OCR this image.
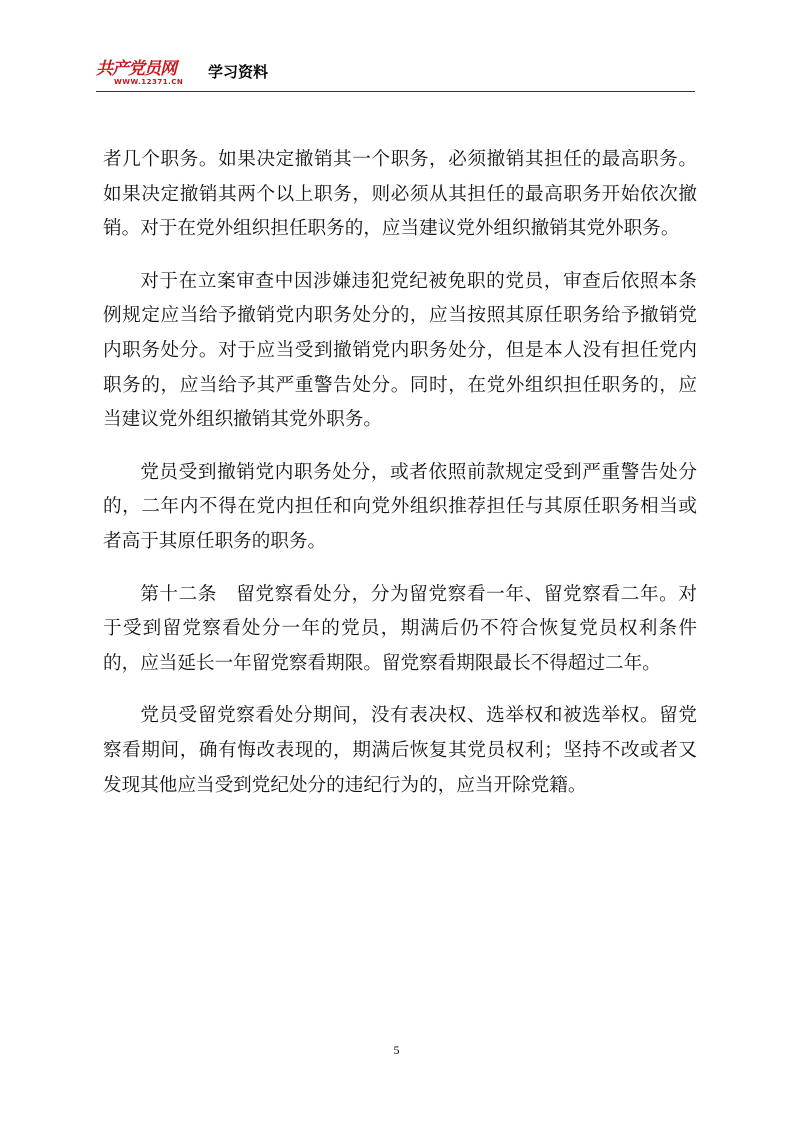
共产党员网
WWW.12371.CN
学习资料

者几个职务。如果决定撤销其一个职务，必须撤销其担任的最高职务。如果决定撤销其两个以上职务，则必须从其担任的最高职务开始依次撤销。对于在党外组织担任职务的，应当建议党外组织撤销其党外职务。

对于在立案审查中因涉嫌违犯党纪被免职的党员，审查后依照本条例规定应当给予撤销党内职务处分的，应当按照其原任职务给予撤销党内职务处分。对于应当受到撤销党内职务处分，但是本人没有担任党内职务的，应当给予其严重警告处分。同时，在党外组织担任职务的，应当建议党外组织撤销其党外职务。

党员受到撤销党内职务处分，或者依照前款规定受到严重警告处分的，二年内不得在党内担任和向党外组织推荐担任与其原任职务相当或者高于其原任职务的职务。

第十二条　留党察看处分，分为留党察看一年、留党察看二年。对于受到留党察看处分一年的党员，期满后仍不符合恢复党员权利条件的，应当延长一年留党察看期限。留党察看期限最长不得超过二年。

党员受留党察看处分期间，没有表决权、选举权和被选举权。留党察看期间，确有悔改表现的，期满后恢复其党员权利；坚持不改或者又发现其他应当受到党纪处分的违纪行为的，应当开除党籍。

5
